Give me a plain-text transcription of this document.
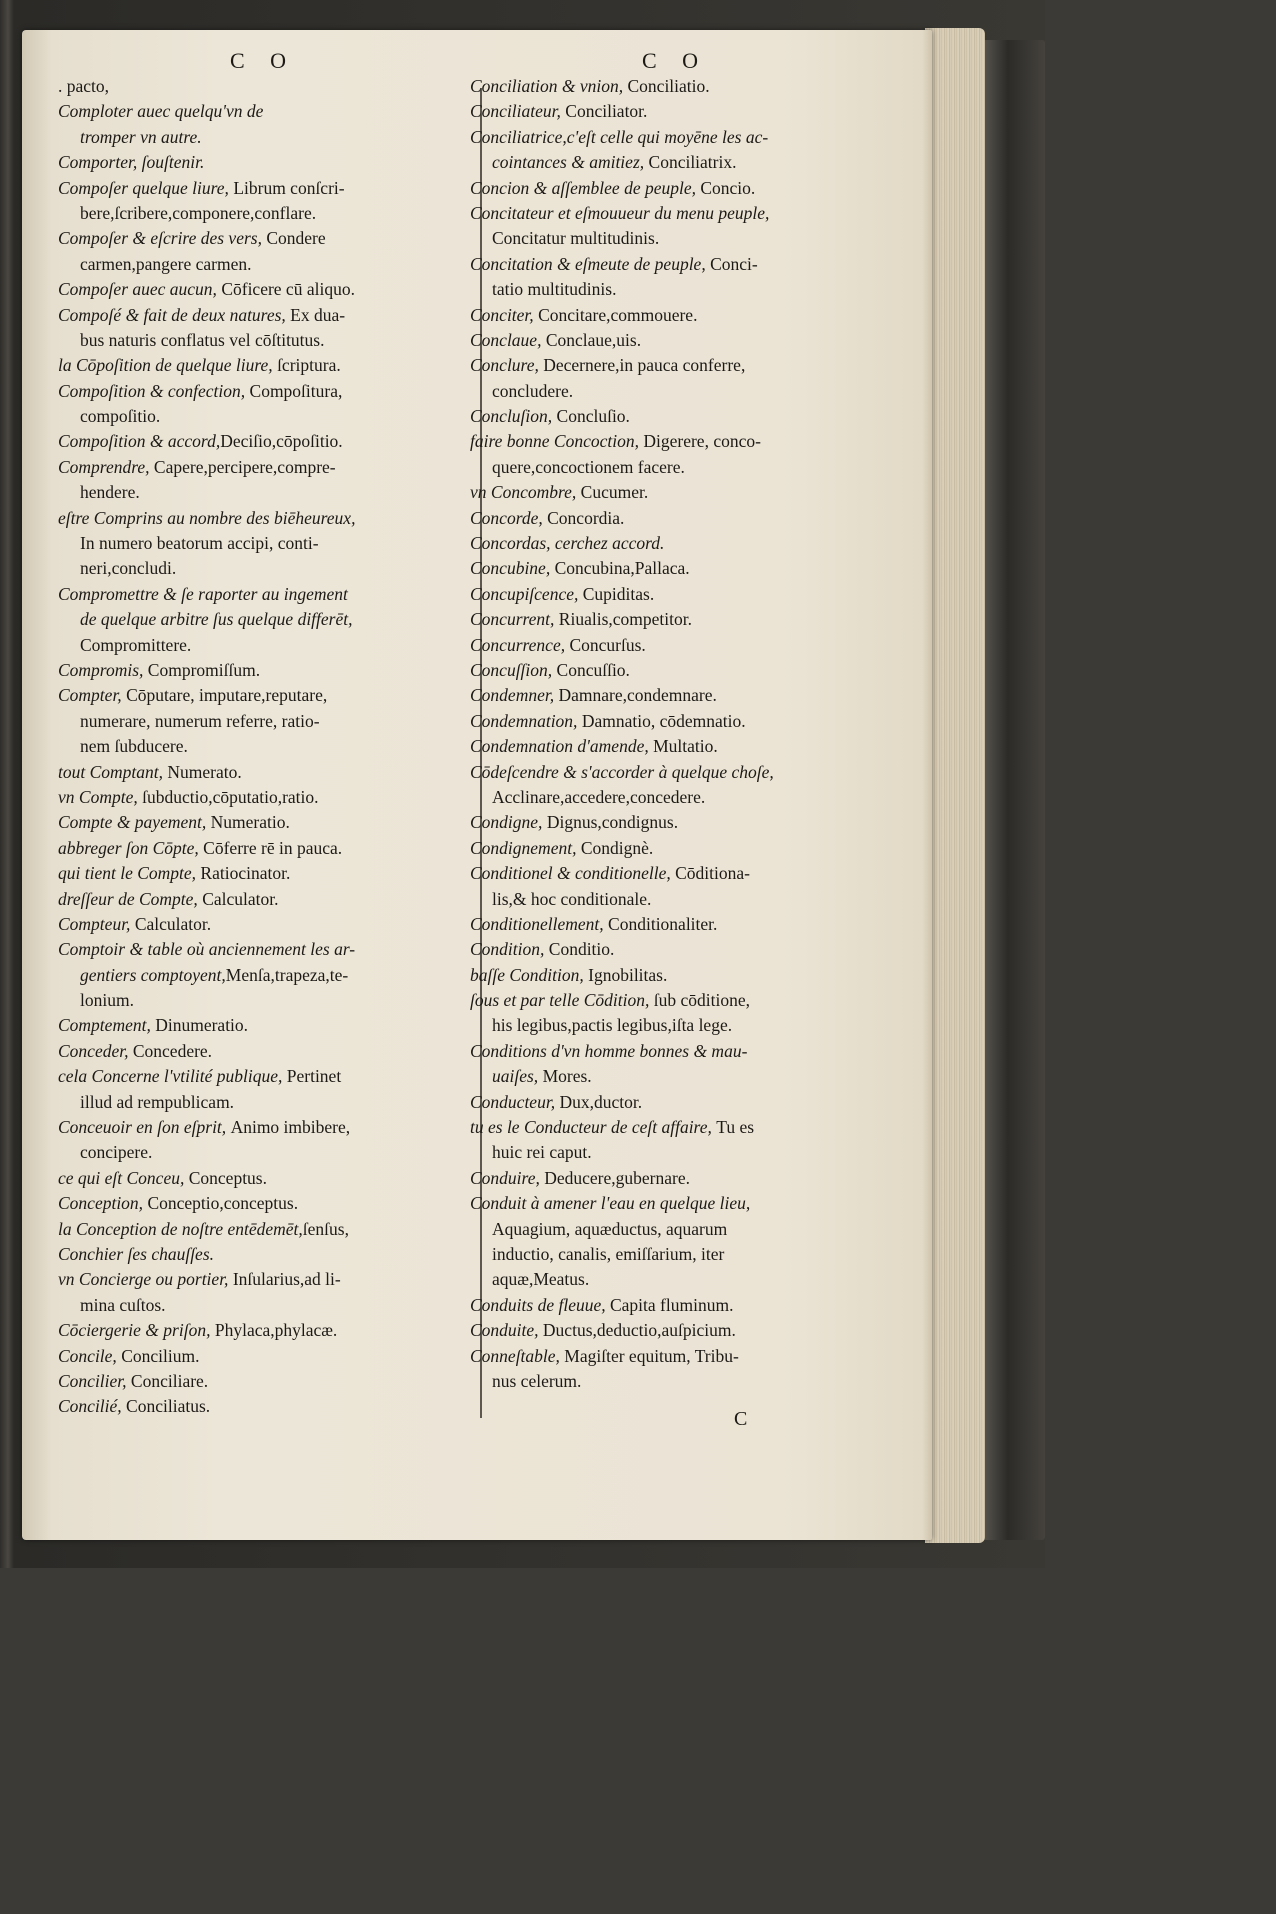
C O
. pacto,
Comploter auec quelqu'vn de
tromper vn autre.
Comporter, ſouſtenir.
Compoſer quelque liure, Librum conſcri-
bere,ſcribere,componere,conflare.
Compoſer & eſcrire des vers, Condere
carmen,pangere carmen.
Compoſer auec aucun, Cōficere cū aliquo.
Compoſé & fait de deux natures, Ex dua-
bus naturis conflatus vel cōſtitutus.
la Cōpoſition de quelque liure, ſcriptura.
Compoſition & confection, Compoſitura,
compoſitio.
Compoſition & accord,Deciſio,cōpoſitio.
Comprendre, Capere,percipere,compre-
hendere.
eſtre Comprins au nombre des biēheureux,
In numero beatorum accipi, conti-
neri,concludi.
Compromettre & ſe raporter au ingement
de quelque arbitre ſus quelque differēt,
Compromittere.
Compromis, Compromiſſum.
Compter, Cōputare, imputare,reputare,
numerare, numerum referre, ratio-
nem ſubducere.
tout Comptant, Numerato.
vn Compte, ſubductio,cōputatio,ratio.
Compte & payement, Numeratio.
abbreger ſon Cōpte, Cōferre rē in pauca.
qui tient le Compte, Ratiocinator.
dreſſeur de Compte, Calculator.
Compteur, Calculator.
Comptoir & table où anciennement les ar-
gentiers comptoyent,Menſa,trapeza,te-
lonium.
Comptement, Dinumeratio.
Conceder, Concedere.
cela Concerne l'vtilité publique, Pertinet
illud ad rempublicam.
Conceuoir en ſon eſprit, Animo imbibere,
concipere.
ce qui eſt Conceu, Conceptus.
Conception, Conceptio,conceptus.
la Conception de noſtre entēdemēt,ſenſus,
Conchier ſes chauſſes.
vn Concierge ou portier, Inſularius,ad li-
mina cuſtos.
Cōciergerie & priſon, Phylaca,phylacæ.
Concile, Concilium.
Concilier, Conciliare.
Concilié, Conciliatus.
C O
Conciliation & vnion, Conciliatio.
Conciliateur, Conciliator.
Conciliatrice,c'eſt celle qui moyēne les ac-
cointances & amitiez, Conciliatrix.
Concion & aſſemblee de peuple, Concio.
Concitateur et eſmouueur du menu peuple,
Concitatur multitudinis.
Concitation & eſmeute de peuple, Conci-
tatio multitudinis.
Conciter, Concitare,commouere.
Conclaue, Conclaue,uis.
Conclure, Decernere,in pauca conferre,
concludere.
Concluſion, Concluſio.
faire bonne Concoction, Digerere, conco-
quere,concoctionem facere.
vn Concombre, Cucumer.
Concorde, Concordia.
Concordas, cerchez accord.
Concubine, Concubina,Pallaca.
Concupiſcence, Cupiditas.
Concurrent, Riualis,competitor.
Concurrence, Concurſus.
Concuſſion, Concuſſio.
Condemner, Damnare,condemnare.
Condemnation, Damnatio, cōdemnatio.
Condemnation d'amende, Multatio.
Cōdeſcendre & s'accorder à quelque choſe,
Acclinare,accedere,concedere.
Condigne, Dignus,condignus.
Condignement, Condignè.
Conditionel & conditionelle, Cōditiona-
lis,& hoc conditionale.
Conditionellement, Conditionaliter.
Condition, Conditio.
baſſe Condition, Ignobilitas.
ſous et par telle Cōdition, ſub cōditione,
his legibus,pactis legibus,iſta lege.
Conditions d'vn homme bonnes & mau-
uaiſes, Mores.
Conducteur, Dux,ductor.
tu es le Conducteur de ceſt affaire, Tu es
huic rei caput.
Conduire, Deducere,gubernare.
Conduit à amener l'eau en quelque lieu,
Aquagium, aquæductus, aquarum
inductio, canalis, emiſſarium, iter
aquæ,Meatus.
Conduits de fleuue, Capita fluminum.
Conduite, Ductus,deductio,auſpicium.
Conneſtable, Magiſter equitum, Tribu-
nus celerum.
C
